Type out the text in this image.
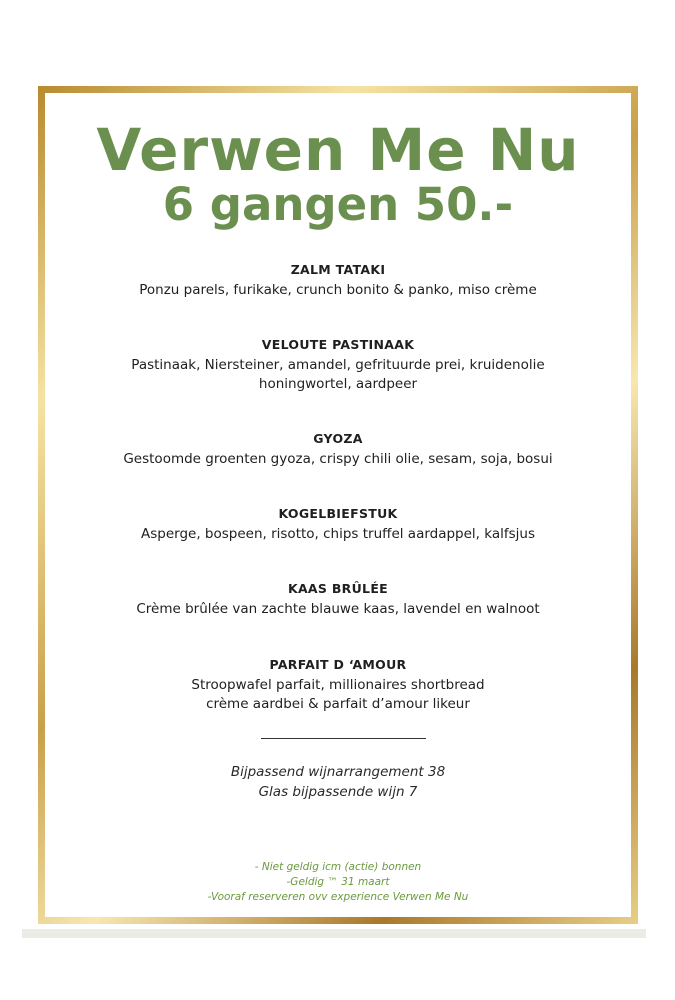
Verwen Me Nu
6 gangen 50.-
ZALM TATAKI
Ponzu parels, furikake, crunch bonito & panko, miso crème
VELOUTE PASTINAAK
Pastinaak, Niersteiner, amandel, gefrituurde prei, kruidenolie
honingwortel, aardpeer
GYOZA
Gestoomde groenten gyoza, crispy chili olie, sesam, soja, bosui
KOGELBIEFSTUK
Asperge, bospeen, risotto, chips truffel aardappel, kalfsjus
KAAS BRÛLÉE
Crème brûlée van zachte blauwe kaas, lavendel en walnoot
PARFAIT D ‘AMOUR
Stroopwafel parfait, millionaires shortbread
crème aardbei & parfait d’amour likeur
Bijpassend wijnarrangement 38
Glas bijpassende wijn 7
- Niet geldig icm (actie) bonnen
-Geldig ™ 31 maart
-Vooraf reserveren ovv experience Verwen Me Nu
